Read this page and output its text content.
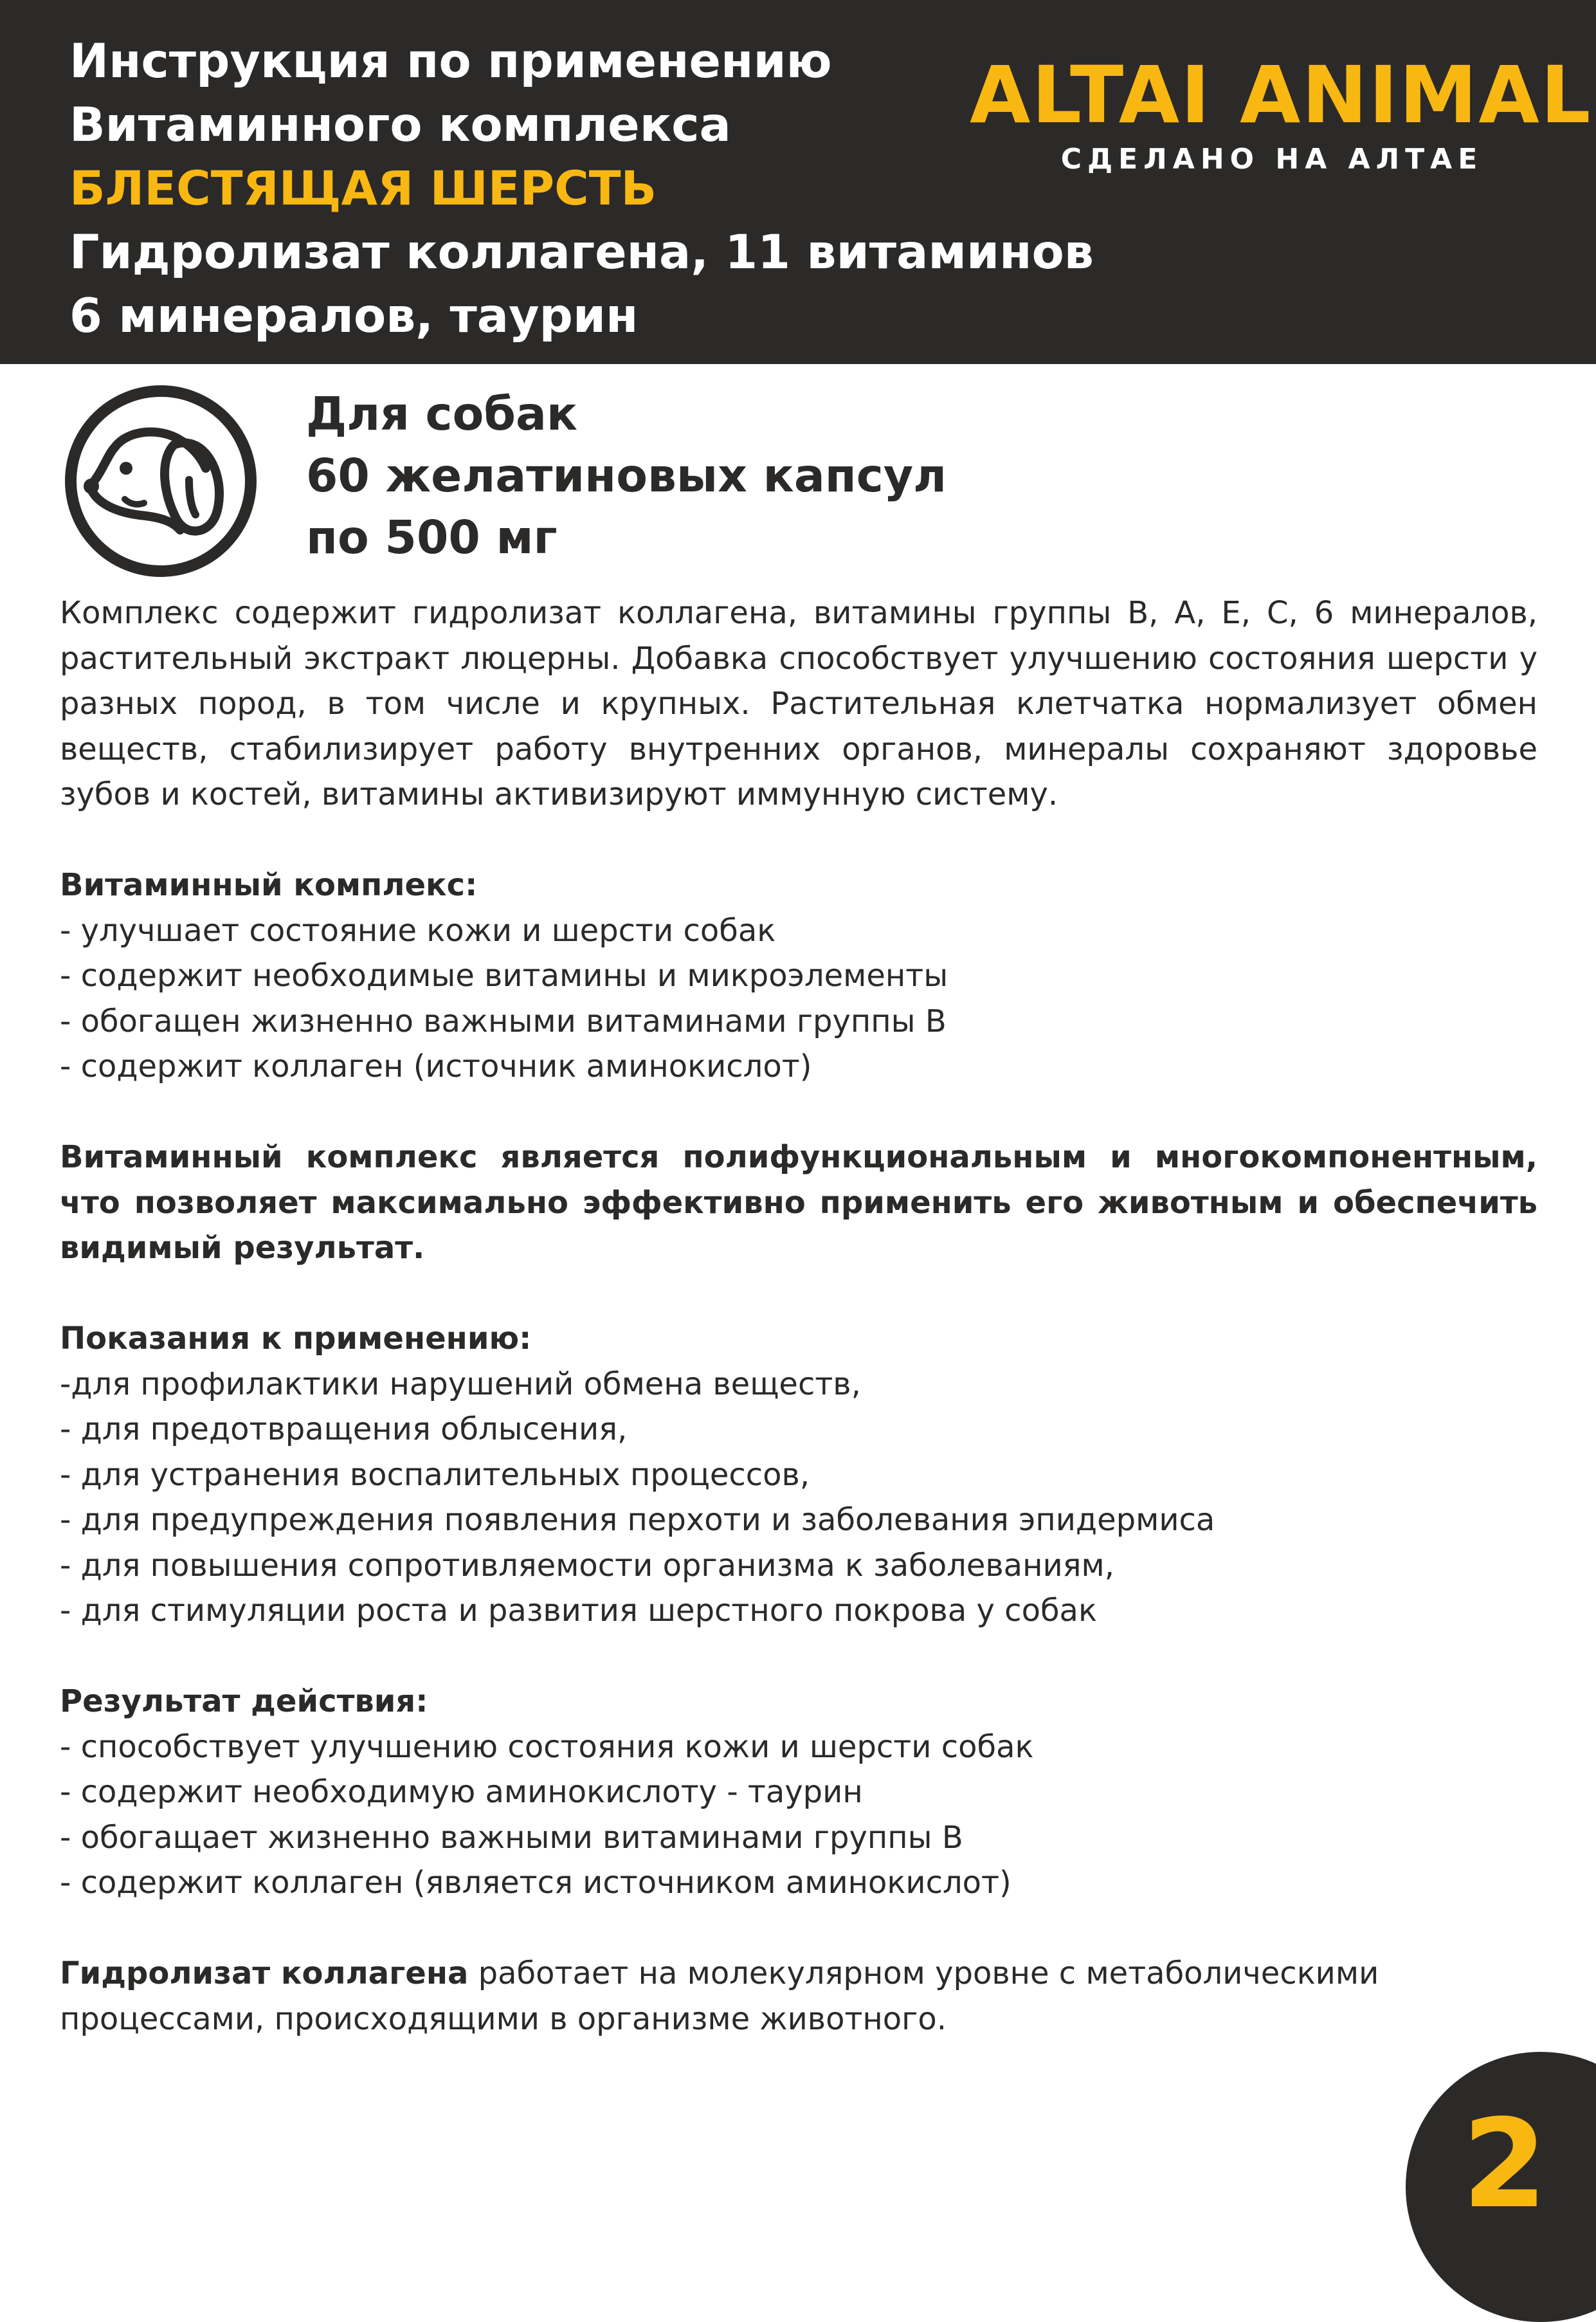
Инструкция по применению
Витаминного комплекса
БЛЕСТЯЩАЯ ШЕРСТЬ
Гидролизат коллагена, 11 витаминов
6 минералов, таурин
ALTAI ANIMAL
СДЕЛАНО НА АЛТАЕ
Для собак
60 желатиновых капсул
по 500 мг

Комплекс содержит гидролизат коллагена, витамины группы В, А, Е, С, 6 минералов, растительный экстракт люцерны. Добавка способствует улучшению состояния шерсти у разных пород, в том числе и крупных. Растительная клетчатка нормализует обмен веществ, стабилизирует работу внутренних органов, минералы сохраняют здоровье зубов и костей, витамины активизируют иммунную систему.

Витаминный комплекс:

- улучшает состояние кожи и шерсти собак

- содержит необходимые витамины и микроэлементы

- обогащен жизненно важными витаминами группы В

- содержит коллаген (источник аминокислот)

Витаминный комплекс является полифункциональным и многокомпонентным, что позволяет максимально эффективно применить его животным и обеспечить видимый результат.

Показания к применению:

-для профилактики нарушений обмена веществ,

- для предотвращения облысения,

- для устранения воспалительных процессов,

- для предупреждения появления перхоти и заболевания эпидермиса

- для повышения сопротивляемости организма к заболеваниям,

- для стимуляции роста и развития шерстного покрова у собак

Результат действия:

- способствует улучшению состояния кожи и шерсти собак

- содержит необходимую аминокислоту - таурин

- обогащает жизненно важными витаминами группы В

- содержит коллаген (является источником аминокислот)

Гидролизат коллагена работает на молекулярном уровне с метаболическими процессами, происходящими в организме животного.

2
